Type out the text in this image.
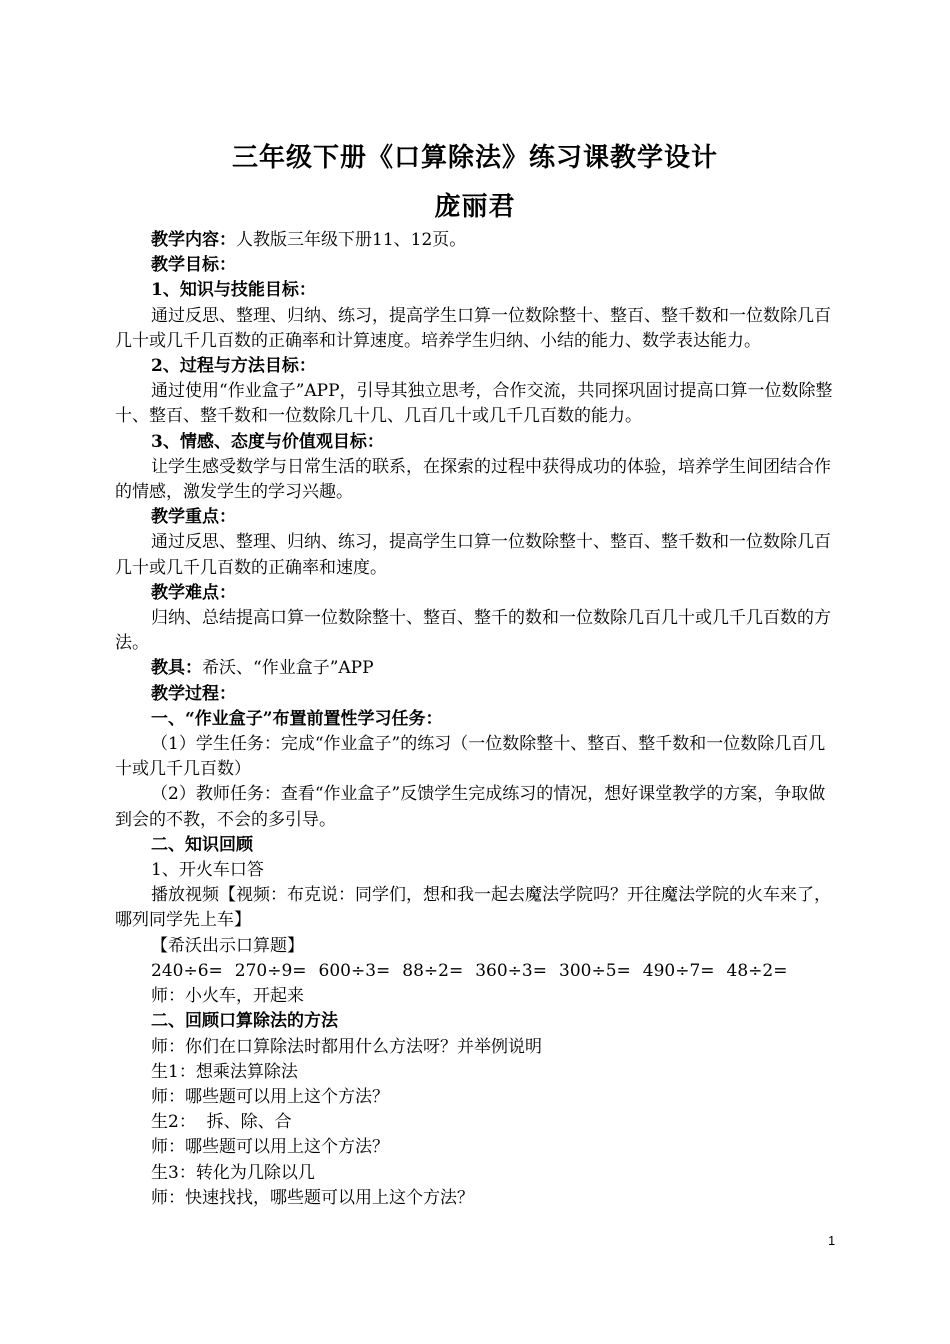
三年级下册《口算除法》练习课教学设计
庞丽君

教学内容：人教版三年级下册11、12页。

教学目标：

1、知识与技能目标：

通过反思、整理、归纳、练习，提高学生口算一位数除整十、整百、整千数和一位数除几百几十或几千几百数的正确率和计算速度。培养学生归纳、小结的能力、数学表达能力。

2、过程与方法目标：

通过使用“作业盒子”APP，引导其独立思考，合作交流，共同探巩固讨提高口算一位数除整十、整百、整千数和一位数除几十几、几百几十或几千几百数的能力。

3、情感、态度与价值观目标：

让学生感受数学与日常生活的联系，在探索的过程中获得成功的体验，培养学生间团结合作的情感，激发学生的学习兴趣。

教学重点：

通过反思、整理、归纳、练习，提高学生口算一位数除整十、整百、整千数和一位数除几百几十或几千几百数的正确率和速度。

教学难点：

归纳、总结提高口算一位数除整十、整百、整千的数和一位数除几百几十或几千几百数的方法。

教具：希沃、“作业盒子”APP

教学过程：

一、“作业盒子”布置前置性学习任务：

（1）学生任务：完成“作业盒子”的练习（一位数除整十、整百、整千数和一位数除几百几十或几千几百数）

（2）教师任务：查看“作业盒子”反馈学生完成练习的情况，想好课堂教学的方案，争取做到会的不教，不会的多引导。

二、知识回顾

1、开火车口答

播放视频【视频：布克说：同学们，想和我一起去魔法学院吗？开往魔法学院的火车来了，哪列同学先上车】

【希沃出示口算题】

240÷6= 270÷9= 600÷3= 88÷2= 360÷3= 300÷5= 490÷7= 48÷2=

师：小火车，开起来

二、回顾口算除法的方法

师：你们在口算除法时都用什么方法呀？并举例说明

生1：想乘法算除法

师：哪些题可以用上这个方法？

生2：  拆、除、合

师：哪些题可以用上这个方法？

生3：转化为几除以几

师：快速找找，哪些题可以用上这个方法？

1
